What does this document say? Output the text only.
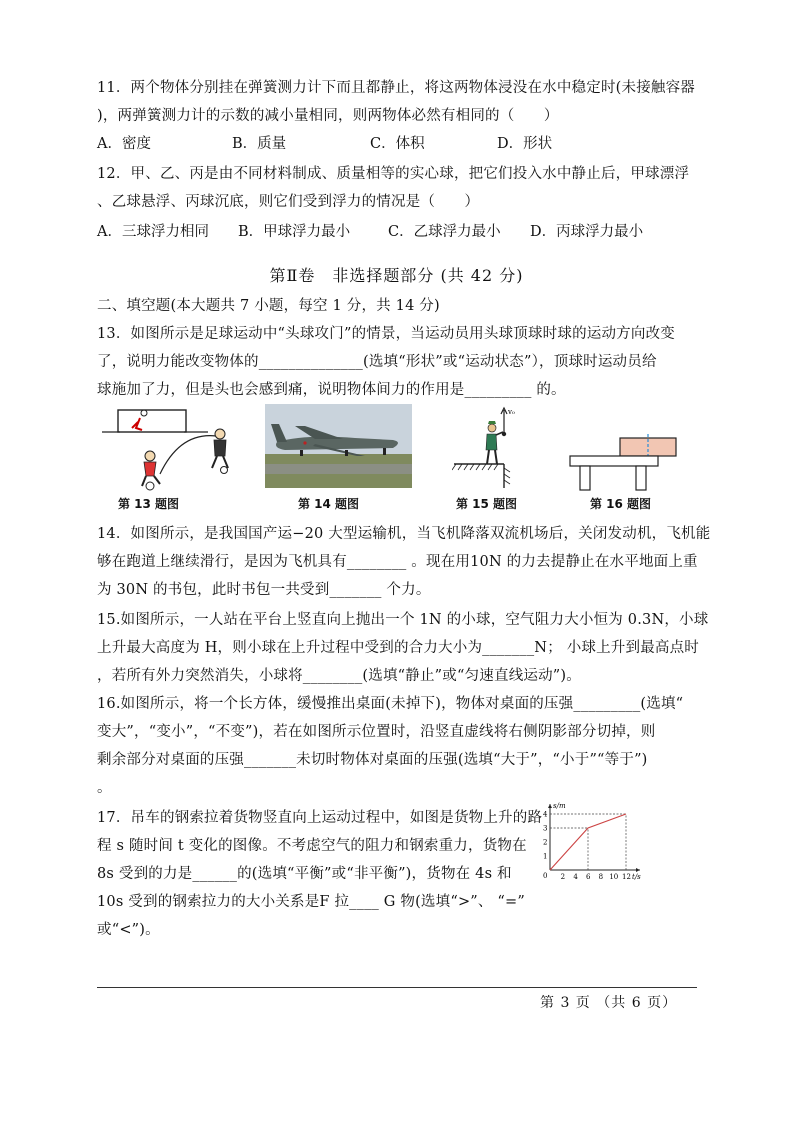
11．两个物体分别挂在弹簧测力计下而且都静止，将这两物体浸没在水中稳定时(未接触容器
)，两弹簧测力计的示数的减小量相同，则两物体必然有相同的（　　）
A．密度	B．质量	C．体积	D．形状
12．甲、乙、丙是由不同材料制成、质量相等的实心球，把它们投入水中静止后，甲球漂浮
、乙球悬浮、丙球沉底，则它们受到浮力的情况是（　　）
A．三球浮力相同 B．甲球浮力最小	C．乙球浮力最小 D．丙球浮力最小
第Ⅱ卷　非选择题部分 (共 42 分)
二、填空题(本大题共 7 小题，每空 1 分，共 14 分)
13．如图所示是足球运动中“头球攻门”的情景，当运动员用头球顶球时球的运动方向改变
了，说明力能改变物体的______________(选填“形状”或“运动状态”），顶球时运动员给
球施加了力，但是头也会感到痛，说明物体间力的作用是_________ 的。
v₀
第 13 题图	第 14 题图	第 15 题图	第 16 题图
14．如图所示，是我国国产运−20 大型运输机，当飞机降落双流机场后，关闭发动机，飞机能
够在跑道上继续滑行，是因为飞机具有________ 。现在用10N 的力去提静止在水平地面上重
为 30N 的书包，此时书包一共受到_______ 个力。
15.如图所示，一人站在平台上竖直向上抛出一个 1N 的小球，空气阻力大小恒为 0.3N，小球
上升最大高度为 H，则小球在上升过程中受到的合力大小为_______N； 小球上升到最高点时
，若所有外力突然消失，小球将________(选填“静止”或“匀速直线运动”)。
16.如图所示，将一个长方体，缓慢推出桌面(未掉下)，物体对桌面的压强_________(选填“
变大”，“变小”，“不变”)，若在如图所示位置时，沿竖直虚线将右侧阴影部分切掉，则
剩余部分对桌面的压强_______未切时物体对桌面的压强(选填“大于”，“小于”“等于”)
。
17．吊车的钢索拉着货物竖直向上运动过程中，如图是货物上升的路
程 s 随时间 t 变化的图像。不考虑空气的阻力和钢索重力，货物在
8s 受到的力是______的(选填“平衡”或“非平衡”)，货物在 4s 和
10s 受到的钢索拉力的大小关系是F 拉____ G 物(选填“>”、 “=”
或“<”)。
t/s
s/m
0 2 4 6 8 10 12
1
2
3
4
第 3 页 （共 6 页）
